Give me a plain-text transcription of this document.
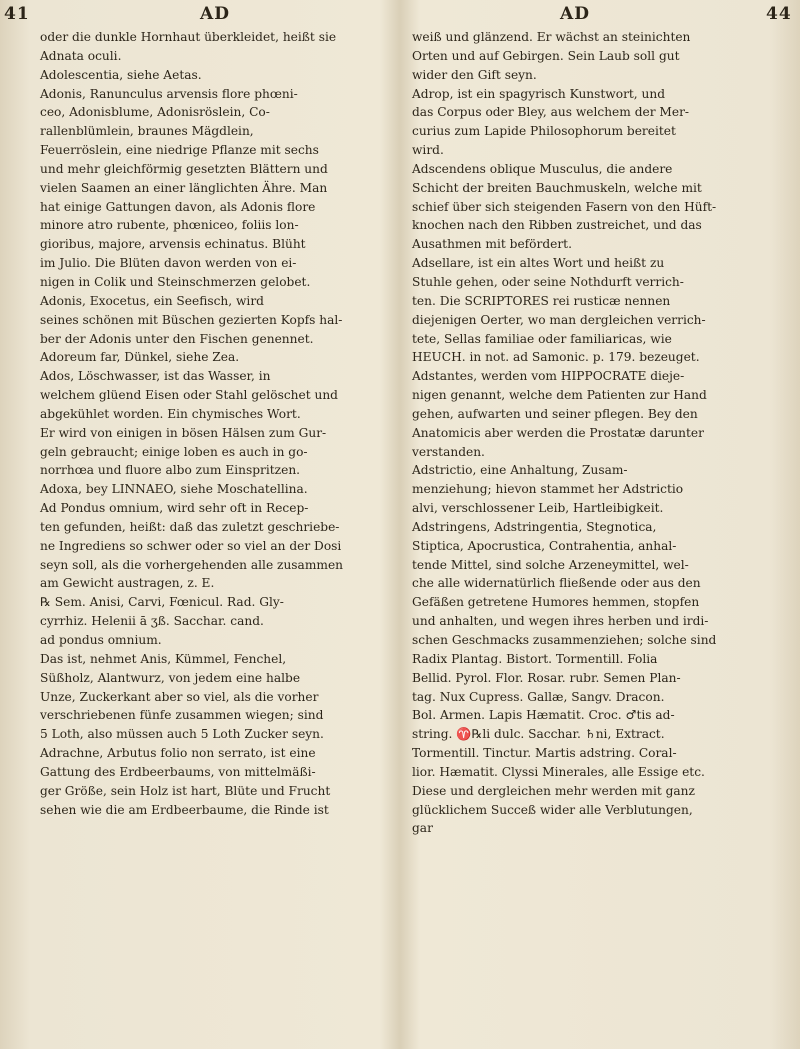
41	AD	AD	44
oder die dunkle Hornhaut überkleidet, heißt sie
Adnata oculi.
Adolescentia, siehe Aetas.
Adonis, Ranunculus arvensis flore phœni-
ceo, Adonisblume, Adonisröslein, Co-
rallenblümlein, braunes Mägdlein,
Feuerröslein, eine niedrige Pflanze mit sechs
und mehr gleichförmig gesetzten Blättern und
vielen Saamen an einer länglichten Ähre. Man
hat einige Gattungen davon, als Adonis flore
minore atro rubente, phœniceo, foliis lon-
gioribus, majore, arvensis echinatus. Blüht
im Julio. Die Blüten davon werden von ei-
nigen in Colik und Steinschmerzen gelobet.
Adonis, Exocetus, ein Seefisch, wird
seines schönen mit Büschen gezierten Kopfs hal-
ber der Adonis unter den Fischen genennet.
Adoreum far, Dünkel, siehe Zea.
Ados, Löschwasser, ist das Wasser, in
welchem glüend Eisen oder Stahl gelöschet und
abgekühlet worden. Ein chymisches Wort.
Er wird von einigen in bösen Hälsen zum Gur-
geln gebraucht; einige loben es auch in go-
norrhœa und fluore albo zum Einspritzen.
Adoxa, bey LINNAEO, siehe Moschatellina.
Ad Pondus omnium, wird sehr oft in Recep-
ten gefunden, heißt: daß das zuletzt geschriebe-
ne Ingrediens so schwer oder so viel an der Dosi
seyn soll, als die vorhergehenden alle zusammen
am Gewicht austragen, z. E.
℞ Sem. Anisi, Carvi, Fœnicul. Rad. Gly-
cyrrhiz. Helenii ā ʒß. Sacchar. cand.
ad pondus omnium.
Das ist, nehmet Anis, Kümmel, Fenchel,
Süßholz, Alantwurz, von jedem eine halbe
Unze, Zuckerkant aber so viel, als die vorher
verschriebenen fünfe zusammen wiegen; sind
5 Loth, also müssen auch 5 Loth Zucker seyn.
Adrachne, Arbutus folio non serrato, ist eine
Gattung des Erdbeerbaums, von mittelmäßi-
ger Größe, sein Holz ist hart, Blüte und Frucht
sehen wie die am Erdbeerbaume, die Rinde ist
weiß und glänzend. Er wächst an steinichten
Orten und auf Gebirgen. Sein Laub soll gut
wider den Gift seyn.
Adrop, ist ein spagyrisch Kunstwort, und
das Corpus oder Bley, aus welchem der Mer-
curius zum Lapide Philosophorum bereitet
wird.
Adscendens oblique Musculus, die andere
Schicht der breiten Bauchmuskeln, welche mit
schief über sich steigenden Fasern von den Hüft-
knochen nach den Ribben zustreichet, und das
Ausathmen mit befördert.
Adsellare, ist ein altes Wort und heißt zu
Stuhle gehen, oder seine Nothdurft verrich-
ten. Die SCRIPTORES rei rusticæ nennen
diejenigen Oerter, wo man dergleichen verrich-
tete, Sellas familiae oder familiaricas, wie
HEUCH. in not. ad Samonic. p. 179. bezeuget.
Adstantes, werden vom HIPPOCRATE dieje-
nigen genannt, welche dem Patienten zur Hand
gehen, aufwarten und seiner pflegen. Bey den
Anatomicis aber werden die Prostatæ darunter
verstanden.
Adstrictio, eine Anhaltung, Zusam-
menziehung; hievon stammet her Adstrictio
alvi, verschlossener Leib, Hartleibigkeit.
Adstringens, Adstringentia, Stegnotica,
Stiptica, Apocrustica, Contrahentia, anhal-
tende Mittel, sind solche Arzeneymittel, wel-
che alle widernatürlich fließende oder aus den
Gefäßen getretene Humores hemmen, stopfen
und anhalten, und wegen ihres herben und irdi-
schen Geschmacks zusammenziehen; solche sind
Radix Plantag. Bistort. Tormentill. Folia
Bellid. Pyrol. Flor. Rosar. rubr. Semen Plan-
tag. Nux Cupress. Gallæ, Sangv. Dracon.
Bol. Armen. Lapis Hæmatit. Croc. ♂tis ad-
string. ♈℞li dulc. Sacchar. ♄ni, Extract.
Tormentill. Tinctur. Martis adstring. Coral-
lior. Hæmatit. Clyssi Minerales, alle Essige etc.
Diese und dergleichen mehr werden mit ganz
glücklichem Succeß wider alle Verblutungen,
gar
